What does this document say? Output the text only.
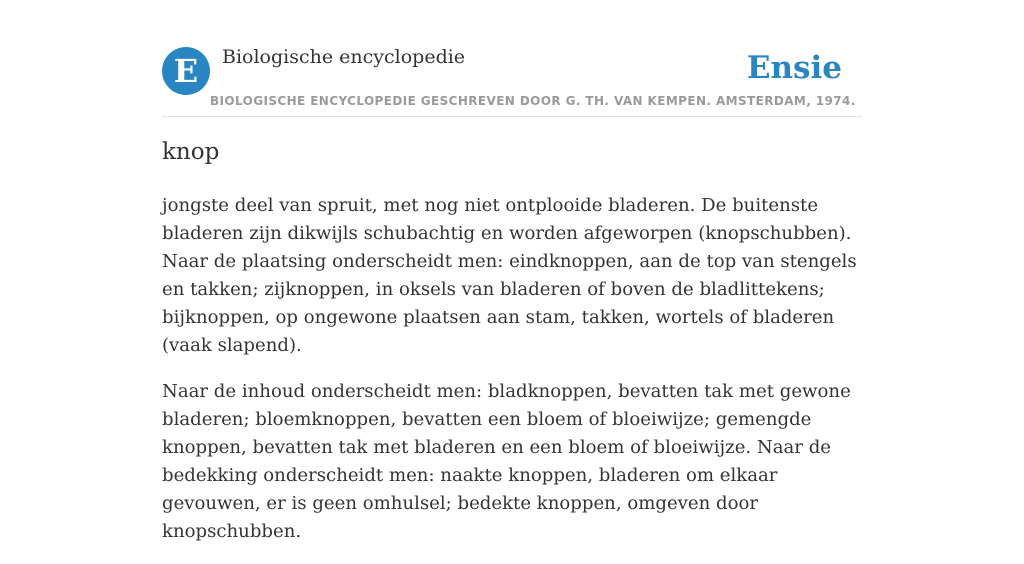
E	Biologische encyclopedie	Ensie
BIOLOGISCHE ENCYCLOPEDIE GESCHREVEN DOOR G. TH. VAN KEMPEN. AMSTERDAM, 1974.
knop

jongste deel van spruit, met nog niet ontplooide bladeren. De buitenste bladeren zijn dikwijls schubachtig en worden afgeworpen (knopschubben). Naar de plaatsing onderscheidt men: eindknoppen, aan de top van stengels en takken; zijknoppen, in oksels van bladeren of boven de bladlittekens; bijknoppen, op ongewone plaatsen aan stam, takken, wortels of bladeren (vaak slapend).

Naar de inhoud onderscheidt men: bladknoppen, bevatten tak met gewone bladeren; bloemknoppen, bevatten een bloem of bloeiwijze; gemengde knoppen, bevatten tak met bladeren en een bloem of bloeiwijze. Naar de bedekking onderscheidt men: naakte knoppen, bladeren om elkaar gevouwen, er is geen omhulsel; bedekte knoppen, omgeven door knopschubben.
